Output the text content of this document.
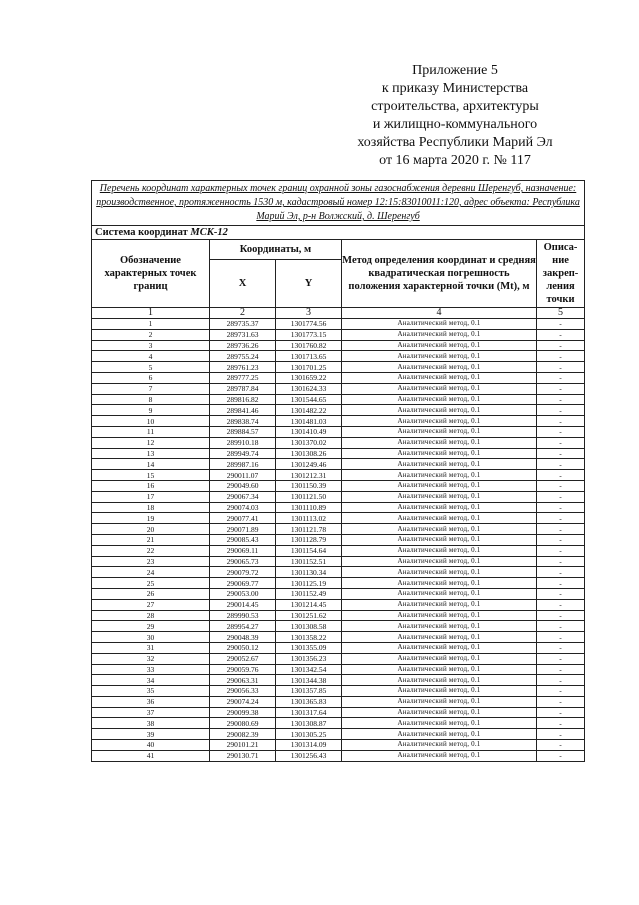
Приложение 5
к приказу Министерства
строительства, архитектуры
и жилищно-коммунального
хозяйства Республики Марий Эл
от 16 марта 2020 г. № 117
Перечень координат характерных точек границ охранной зоны газоснабжения деревни Шеренгуб, назначение: производственное, протяженность 1530 м, кадастровый номер 12:15:83010011:120, адрес объекта: Республика Марий Эл, р-н Волжский, д. Шеренгуб				

Система координат МСК-12				
Обозначение характерных точек границ	Координаты, м		Метод определения координат и средняя квадратическая погрешность положения характерной точки (Mt), м	Описа-ние закреп-ления точки
	X	Y		
1	2	3	4	5
1	289735.37	1301774.56	Аналитический метод, 0.1	-
2	289731.63	1301773.15	Аналитический метод, 0.1	-
3	289736.26	1301760.82	Аналитический метод, 0.1	-
4	289755.24	1301713.65	Аналитический метод, 0.1	-
5	289761.23	1301701.25	Аналитический метод, 0.1	-
6	289777.25	1301659.22	Аналитический метод, 0.1	-
7	289787.84	1301624.33	Аналитический метод, 0.1	-
8	289816.82	1301544.65	Аналитический метод, 0.1	-
9	289841.46	1301482.22	Аналитический метод, 0.1	-
10	289838.74	1301481.03	Аналитический метод, 0.1	-
11	289884.57	1301410.49	Аналитический метод, 0.1	-
12	289910.18	1301370.02	Аналитический метод, 0.1	-
13	289949.74	1301308.26	Аналитический метод, 0.1	-
14	289987.16	1301249.46	Аналитический метод, 0.1	-
15	290011.07	1301212.31	Аналитический метод, 0.1	-
16	290049.60	1301150.39	Аналитический метод, 0.1	-
17	290067.34	1301121.50	Аналитический метод, 0.1	-
18	290074.03	1301110.89	Аналитический метод, 0.1	-
19	290077.41	1301113.02	Аналитический метод, 0.1	-
20	290071.89	1301121.78	Аналитический метод, 0.1	-
21	290085.43	1301128.79	Аналитический метод, 0.1	-
22	290069.11	1301154.64	Аналитический метод, 0.1	-
23	290065.73	1301152.51	Аналитический метод, 0.1	-
24	290079.72	1301130.34	Аналитический метод, 0.1	-
25	290069.77	1301125.19	Аналитический метод, 0.1	-
26	290053.00	1301152.49	Аналитический метод, 0.1	-
27	290014.45	1301214.45	Аналитический метод, 0.1	-
28	289990.53	1301251.62	Аналитический метод, 0.1	-
29	289954.27	1301308.58	Аналитический метод, 0.1	-
30	290048.39	1301358.22	Аналитический метод, 0.1	-
31	290050.12	1301355.09	Аналитический метод, 0.1	-
32	290052.67	1301356.23	Аналитический метод, 0.1	-
33	290059.76	1301342.54	Аналитический метод, 0.1	-
34	290063.31	1301344.38	Аналитический метод, 0.1	-
35	290056.33	1301357.85	Аналитический метод, 0.1	-
36	290074.24	1301365.83	Аналитический метод, 0.1	-
37	290099.38	1301317.64	Аналитический метод, 0.1	-
38	290080.69	1301308.87	Аналитический метод, 0.1	-
39	290082.39	1301305.25	Аналитический метод, 0.1	-
40	290101.21	1301314.09	Аналитический метод, 0.1	-
41	290130.71	1301256.43	Аналитический метод, 0.1	-
